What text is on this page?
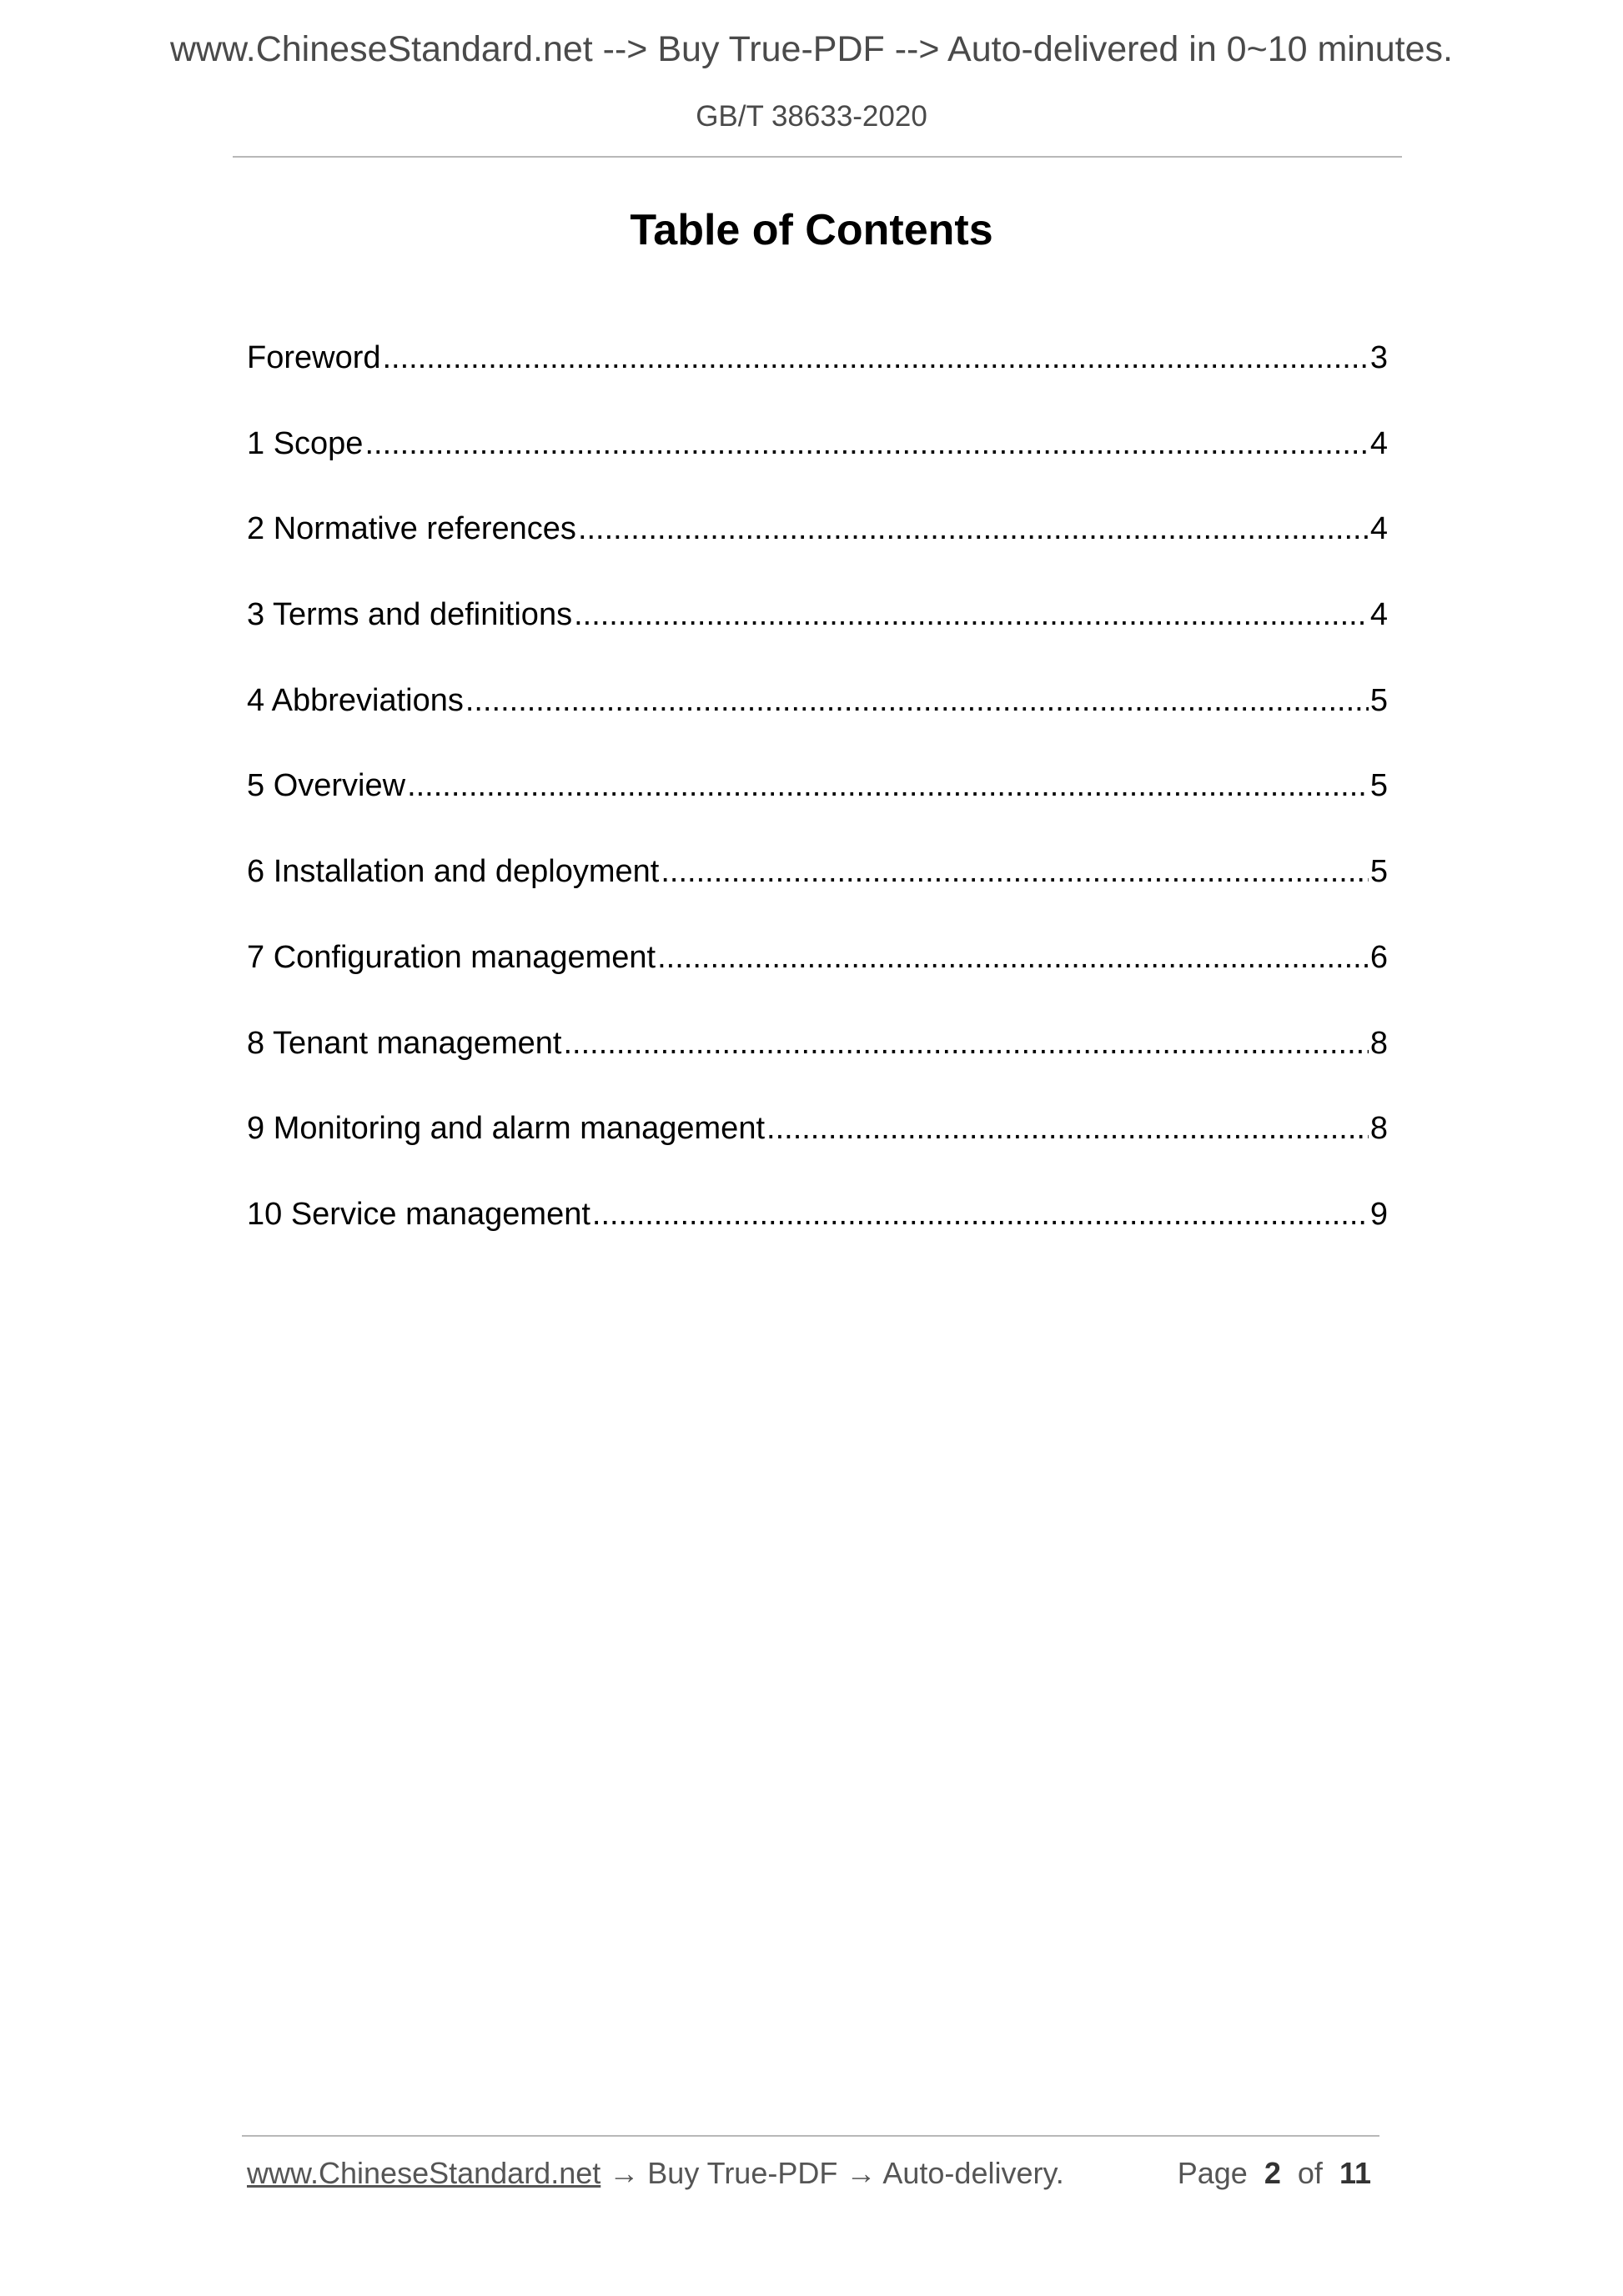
www.ChineseStandard.net --> Buy True-PDF --> Auto-delivered in 0~10 minutes.
GB/T 38633-2020
Table of Contents
Foreword .....	3
1 Scope .....	4
2 Normative references .....	4
3 Terms and definitions .....	4
4 Abbreviations .....	5
5 Overview .....	5
6 Installation and deployment .....	5
7 Configuration management .....	6
8 Tenant management .....	8
9 Monitoring and alarm management .....	8
10 Service management .....	9
www.ChineseStandard.net → Buy True-PDF → Auto-delivery.	Page 2 of 11
